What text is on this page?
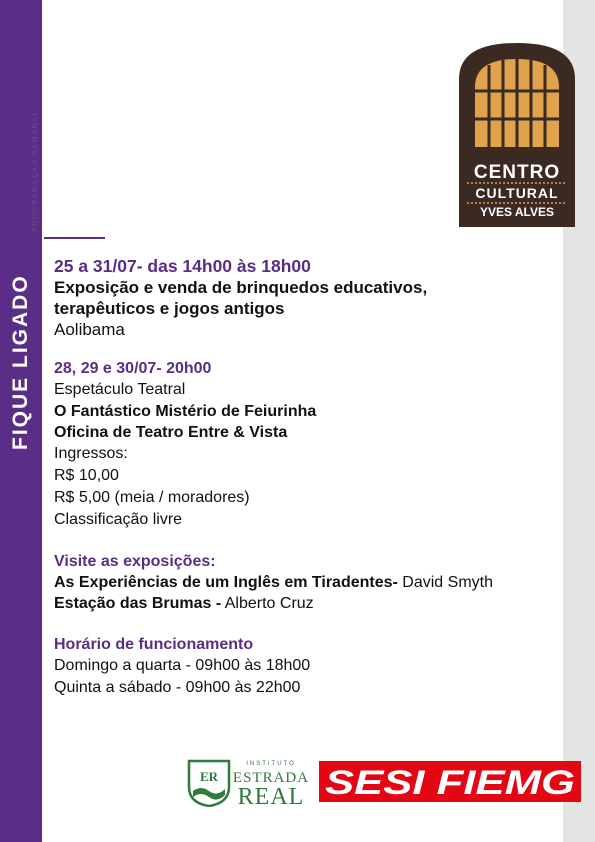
FIQUE LIGADO
PROGRAMAÇÃO SEMANAL	CENTRO
CULTURAL
YVES ALVES

25 a 31/07- das 14h00 às 18h00

Exposição e venda de brinquedos educativos,

terapêuticos e jogos antigos

Aolibama

28, 29 e 30/07- 20h00

Espetáculo Teatral

O Fantástico Mistério de Feiurinha

Oficina de Teatro Entre & Vista

Ingressos:

R$ 10,00

R$ 5,00 (meia / moradores)

Classificação livre

Visite as exposições:

As Experiências de um Inglês em Tiradentes- David Smyth

Estação das Brumas - Alberto Cruz

Horário de funcionamento

Domingo a quarta - 09h00 às 18h00

Quinta a sábado - 09h00 às 22h00

ER
INSTITUTO
ESTRADA
REAL SESI FIEMG
